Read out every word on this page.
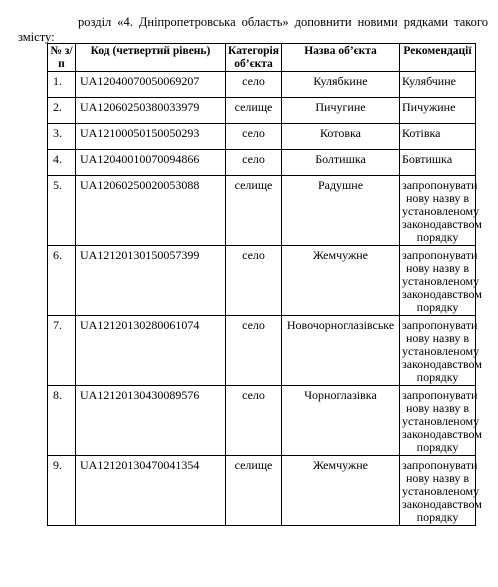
розділ «4. Дніпропетровська область» доповнити новими рядками такого змісту:

№ з/п	Код (четвертий рівень)	Категорія об’єкта	Назва об’єкта	Рекомендації
1.	UA12040070050069207	село	Кулябкине	Кулябчине
2.	UA12060250380033979	селище	Пичугине	Пичужине
3.	UA12100050150050293	село	Котовка	Котівка
4.	UA12040010070094866	село	Болтишка	Бовтишка
5.	UA12060250020053088	селище	Радушне	запропонувати нову назву в установленому законодавством порядку
6.	UA12120130150057399	село	Жемчужне	запропонувати нову назву в установленому законодавством порядку
7.	UA12120130280061074	село	Новочорноглазівське	запропонувати нову назву в установленому законодавством порядку
8.	UA12120130430089576	село	Чорноглазівка	запропонувати нову назву в установленому законодавством порядку
9.	UA12120130470041354	селище	Жемчужне	запропонувати нову назву в установленому законодавством порядку
